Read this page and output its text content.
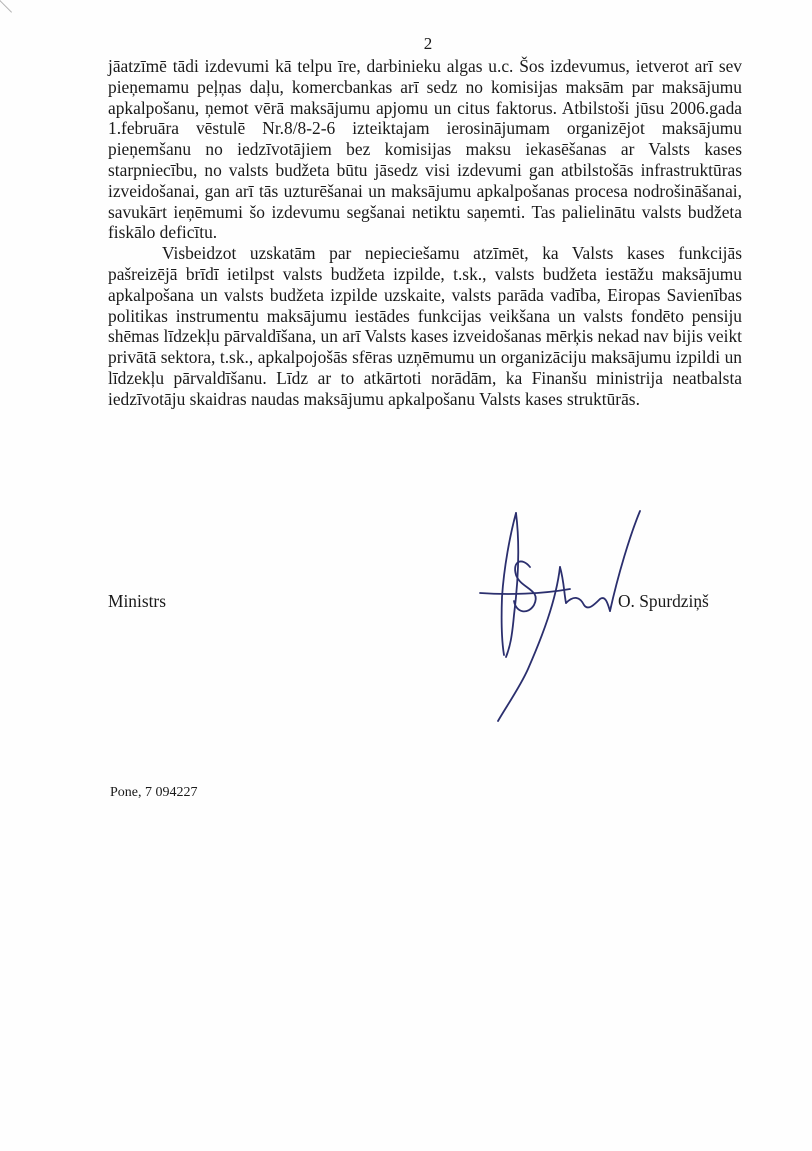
2

jāatzīmē tādi izdevumi kā telpu īre, darbinieku algas u.c. Šos izdevumus, ietverot arī sev pieņemamu peļņas daļu, komercbankas arī sedz no komisijas maksām par maksājumu apkalpošanu, ņemot vērā maksājumu apjomu un citus faktorus. Atbilstoši jūsu 2006.gada 1.februāra vēstulē Nr.8/8-2-6 izteiktajam ierosinājumam organizējot maksājumu pieņemšanu no iedzīvotājiem bez komisijas maksu iekasēšanas ar Valsts kases starpniecību, no valsts budžeta būtu jāsedz visi izdevumi gan atbilstošās infrastruktūras izveidošanai, gan arī tās uzturēšanai un maksājumu apkalpošanas procesa nodrošināšanai, savukārt ieņēmumi šo izdevumu segšanai netiktu saņemti. Tas palielinātu valsts budžeta fiskālo deficītu.

Visbeidzot uzskatām par nepieciešamu atzīmēt, ka Valsts kases funkcijās pašreizējā brīdī ietilpst valsts budžeta izpilde, t.sk., valsts budžeta iestāžu maksājumu apkalpošana un valsts budžeta izpilde uzskaite, valsts parāda vadība, Eiropas Savienības politikas instrumentu maksājumu iestādes funkcijas veikšana un valsts fondēto pensiju shēmas līdzekļu pārvaldīšana, un arī Valsts kases izveidošanas mērķis nekad nav bijis veikt privātā sektora, t.sk., apkalpojošās sfēras uzņēmumu un organizāciju maksājumu izpildi un līdzekļu pārvaldīšanu. Līdz ar to atkārtoti norādām, ka Finanšu ministrija neatbalsta iedzīvotāju skaidras naudas maksājumu apkalpošanu Valsts kases struktūrās.

Ministrs	O. Spurdziņš
Pone, 7 094227
